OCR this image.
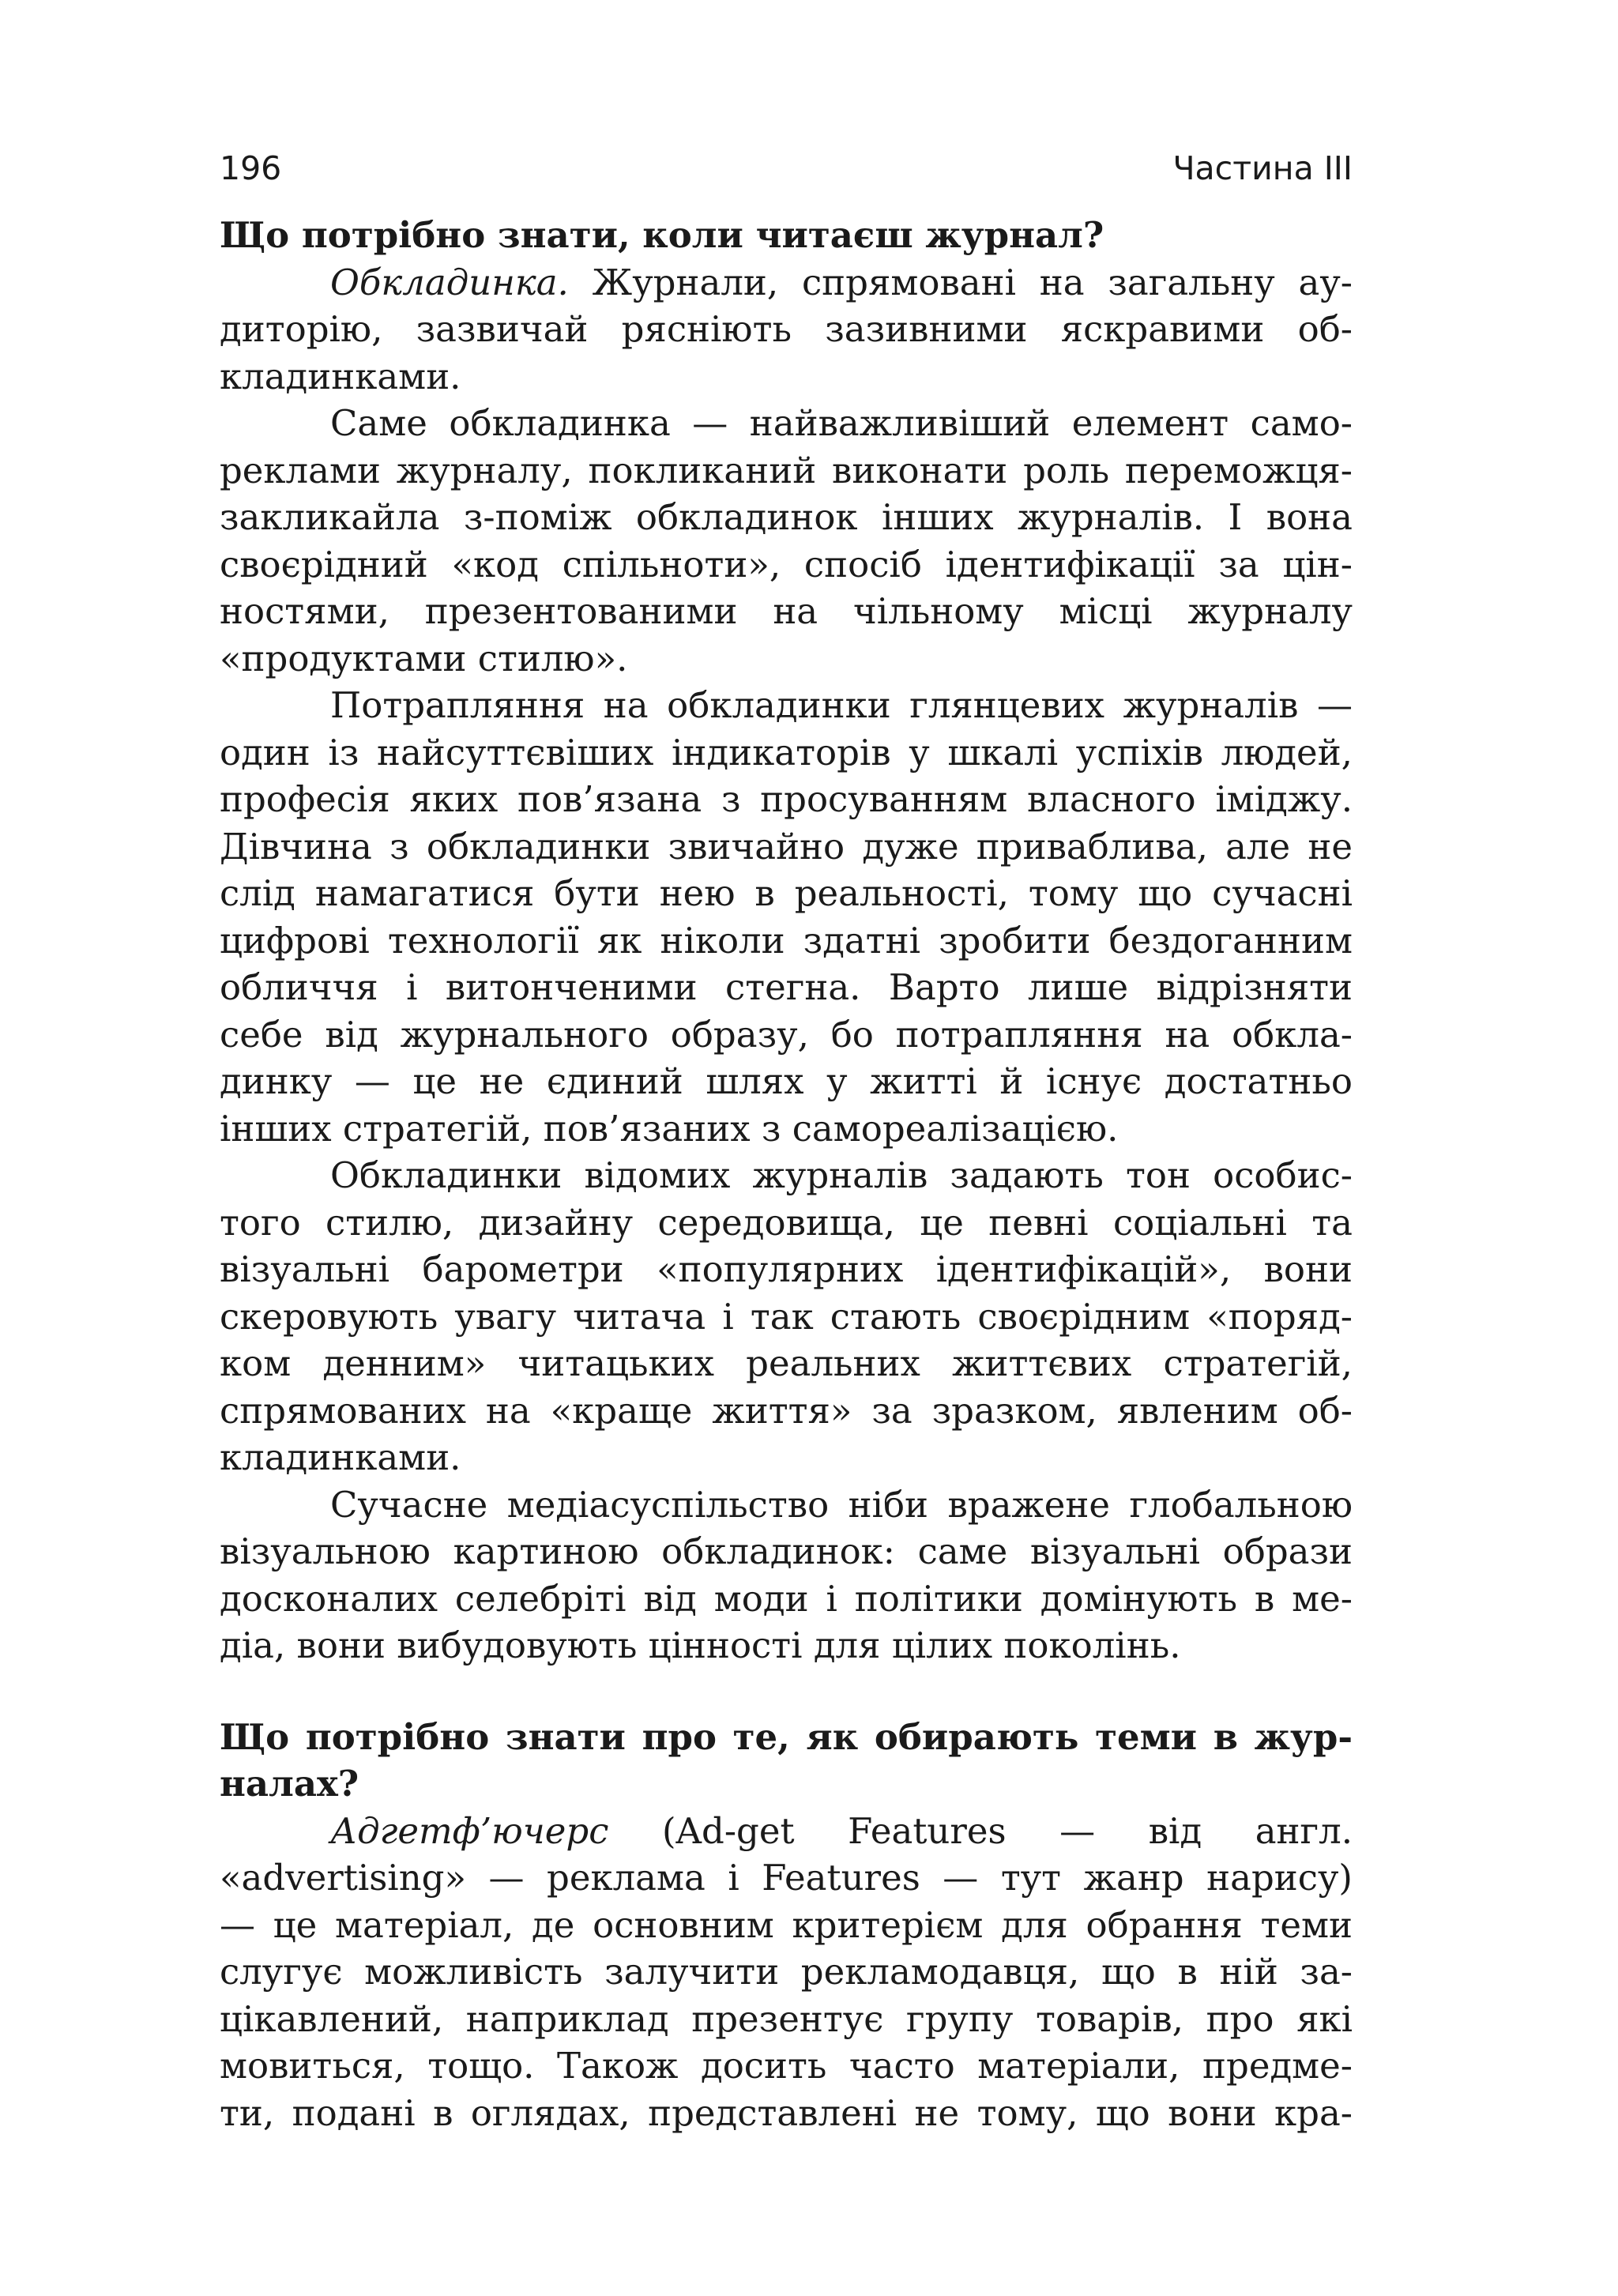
196	Частина III
Що потрібно знати, коли читаєш журнал?
Обкладинка. Журнали, спрямовані на загальну ау-
диторію, зазвичай рясніють зазивними яскравими об-
кладинками.
Саме обкладинка — найважливіший елемент само-
реклами журналу, покликаний виконати роль переможця-
закликайла з-поміж обкладинок інших журналів. І вона
своєрідний «код спільноти», спосіб ідентифікації за цін-
ностями, презентованими на чільному місці журналу
«продуктами стилю».
Потрапляння на обкладинки глянцевих журналів —
один із найсуттєвіших індикаторів у шкалі успіхів людей,
професія яких пов’язана з просуванням власного іміджу.
Дівчина з обкладинки звичайно дуже приваблива, але не
слід намагатися бути нею в реальності, тому що сучасні
цифрові технології як ніколи здатні зробити бездоганним
обличчя і витонченими стегна. Варто лише відрізняти
себе від журнального образу, бо потрапляння на обкла-
динку — це не єдиний шлях у житті й існує достатньо
інших стратегій, пов’язаних з самореалізацією.
Обкладинки відомих журналів задають тон особис-
того стилю, дизайну середовища, це певні соціальні та
візуальні барометри «популярних ідентифікацій», вони
скеровують увагу читача і так стають своєрідним «поряд-
ком денним» читацьких реальних життєвих стратегій,
спрямованих на «краще життя» за зразком, явленим об-
кладинками.
Сучасне медіасуспільство ніби вражене глобальною
візуальною картиною обкладинок: саме візуальні образи
досконалих селебріті від моди і політики домінують в ме-
діа, вони вибудовують цінності для цілих поколінь.
Що потрібно знати про те, як обирають теми в жур-
налах?
Адгетф’ючерс (Ad-get Features — від англ.
«advertising» — реклама і Features — тут жанр нарису)
— це матеріал, де основним критерієм для обрання теми
слугує можливість залучити рекламодавця, що в ній за-
цікавлений, наприклад презентує групу товарів, про які
мовиться, тощо. Також досить часто матеріали, предме-
ти, подані в оглядах, представлені не тому, що вони кра-
